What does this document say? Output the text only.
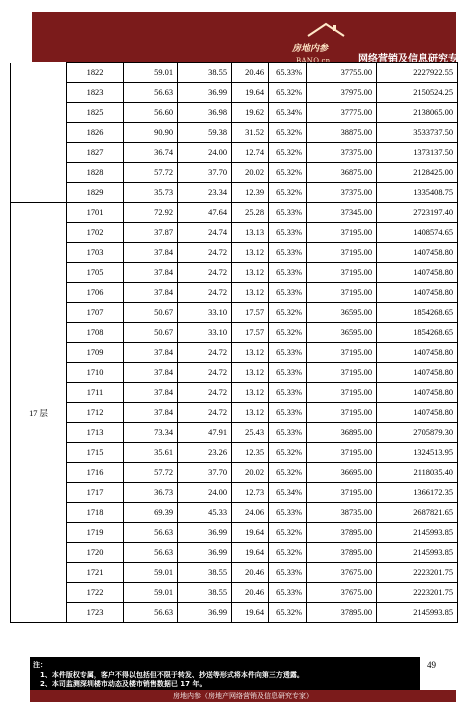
房地内参
BANQ.cn	网络营销及信息研究专家
	1822	59.01	38.55	20.46	65.33%	37755.00	2227922.55
	1823	56.63	36.99	19.64	65.32%	37975.00	2150524.25
	1825	56.60	36.98	19.62	65.34%	37775.00	2138065.00
	1826	90.90	59.38	31.52	65.32%	38875.00	3533737.50
	1827	36.74	24.00	12.74	65.32%	37375.00	1373137.50
	1828	57.72	37.70	20.02	65.32%	36875.00	2128425.00
	1829	35.73	23.34	12.39	65.32%	37375.00	1335408.75
17 层	1701	72.92	47.64	25.28	65.33%	37345.00	2723197.40
	1702	37.87	24.74	13.13	65.33%	37195.00	1408574.65
	1703	37.84	24.72	13.12	65.33%	37195.00	1407458.80
	1705	37.84	24.72	13.12	65.33%	37195.00	1407458.80
	1706	37.84	24.72	13.12	65.33%	37195.00	1407458.80
	1707	50.67	33.10	17.57	65.32%	36595.00	1854268.65
	1708	50.67	33.10	17.57	65.32%	36595.00	1854268.65
	1709	37.84	24.72	13.12	65.33%	37195.00	1407458.80
	1710	37.84	24.72	13.12	65.33%	37195.00	1407458.80
	1711	37.84	24.72	13.12	65.33%	37195.00	1407458.80
	1712	37.84	24.72	13.12	65.33%	37195.00	1407458.80
	1713	73.34	47.91	25.43	65.33%	36895.00	2705879.30
	1715	35.61	23.26	12.35	65.32%	37195.00	1324513.95
	1716	57.72	37.70	20.02	65.32%	36695.00	2118035.40
	1717	36.73	24.00	12.73	65.34%	37195.00	1366172.35
	1718	69.39	45.33	24.06	65.33%	38735.00	2687821.65
	1719	56.63	36.99	19.64	65.32%	37895.00	2145993.85
	1720	56.63	36.99	19.64	65.32%	37895.00	2145993.85
	1721	59.01	38.55	20.46	65.33%	37675.00	2223201.75
	1722	59.01	38.55	20.46	65.33%	37675.00	2223201.75
	1723	56.63	36.99	19.64	65.32%	37895.00	2145993.85
49
注：
1、本件版权专属，客户不得以包括但不限于转发、抄送等形式将本件向第三方透露。
2、本司监测深圳楼市动态及楼市销售数据已 17 年。
房地内参（房地产网络营销及信息研究专家）
